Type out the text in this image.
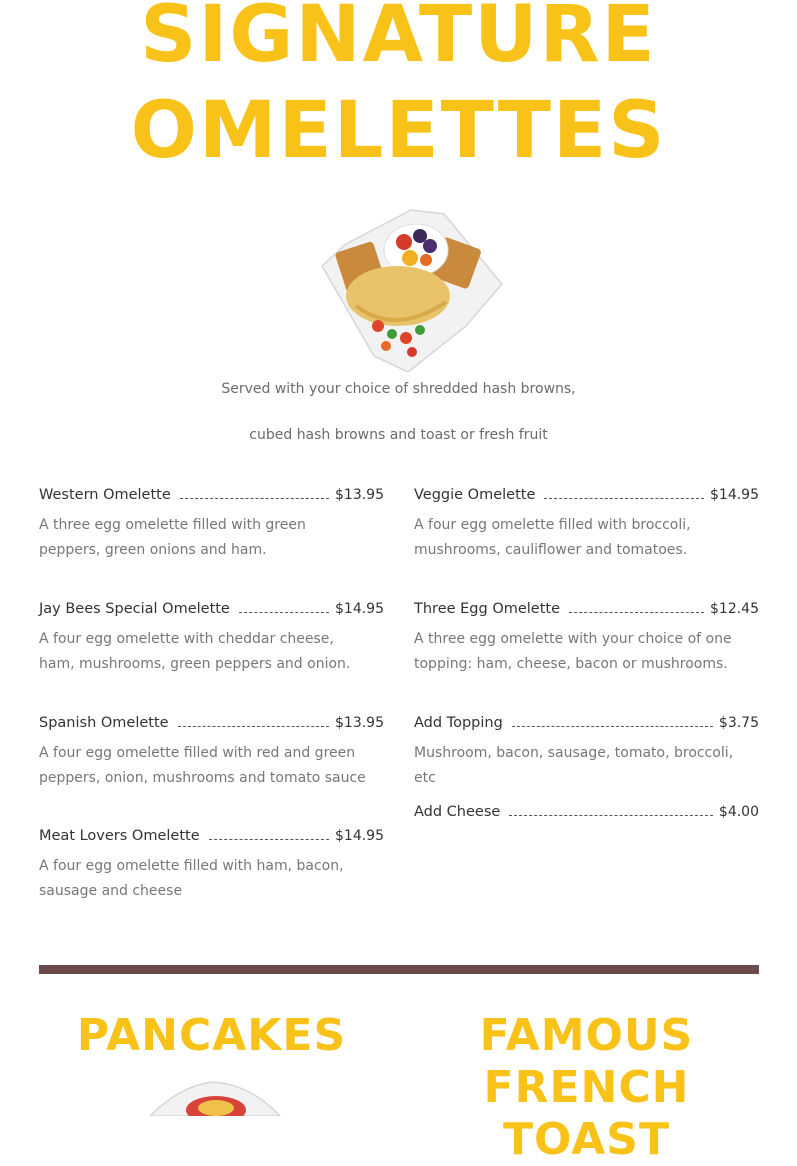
SIGNATURE
OMELETTES
Served with your choice of shredded hash browns,
cubed hash browns and toast or fresh fruit
Western Omelette	$13.95
A three egg omelette filled with green peppers, green onions and ham.
Jay Bees Special Omelette	$14.95
A four egg omelette with cheddar cheese, ham, mushrooms, green peppers and onion.
Spanish Omelette	$13.95
A four egg omelette filled with red and green peppers, onion, mushrooms and tomato sauce
Meat Lovers Omelette	$14.95
A four egg omelette filled with ham, bacon, sausage and cheese
Veggie Omelette	$14.95
A four egg omelette filled with broccoli, mushrooms, cauliflower and tomatoes.
Three Egg Omelette	$12.45
A three egg omelette with your choice of one topping: ham, cheese, bacon or mushrooms.
Add Topping	$3.75
Mushroom, bacon, sausage, tomato, broccoli, etc
Add Cheese	$4.00
PANCAKES	FAMOUS
FRENCH TOAST
